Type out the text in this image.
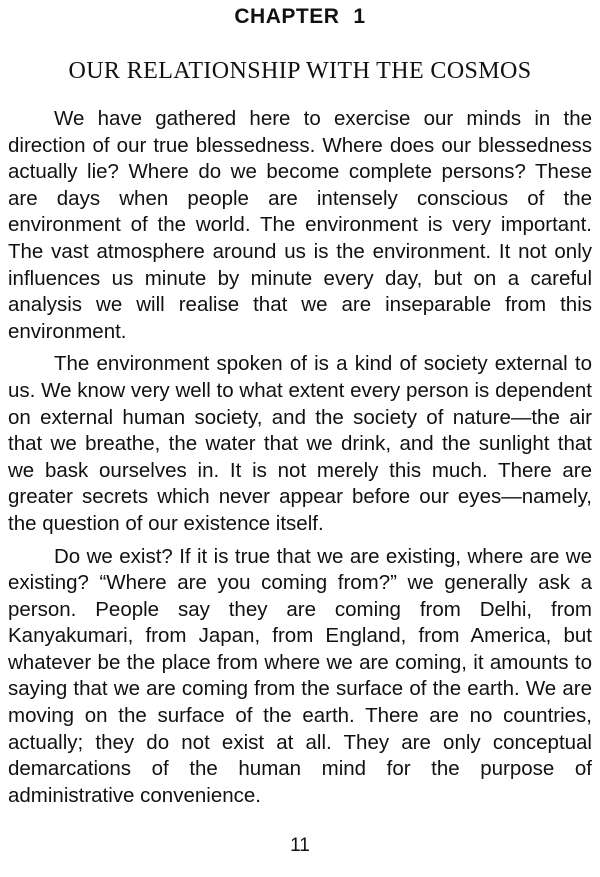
CHAPTER 1
OUR RELATIONSHIP WITH THE COSMOS

We have gathered here to exercise our minds in the direction of our true blessedness. Where does our blessedness actually lie? Where do we become complete persons? These are days when people are intensely conscious of the environment of the world. The environment is very important. The vast atmosphere around us is the environment. It not only influences us minute by minute every day, but on a careful analysis we will realise that we are inseparable from this environment.

The environment spoken of is a kind of society external to us. We know very well to what extent every person is dependent on external human society, and the society of nature—the air that we breathe, the water that we drink, and the sunlight that we bask ourselves in. It is not merely this much. There are greater secrets which never appear before our eyes—namely, the question of our existence itself.

Do we exist? If it is true that we are existing, where are we existing? “Where are you coming from?” we generally ask a person. People say they are coming from Delhi, from Kanyakumari, from Japan, from England, from America, but whatever be the place from where we are coming, it amounts to saying that we are coming from the surface of the earth. We are moving on the surface of the earth. There are no countries, actually; they do not exist at all. They are only conceptual demarcations of the human mind for the purpose of administrative convenience.

11
